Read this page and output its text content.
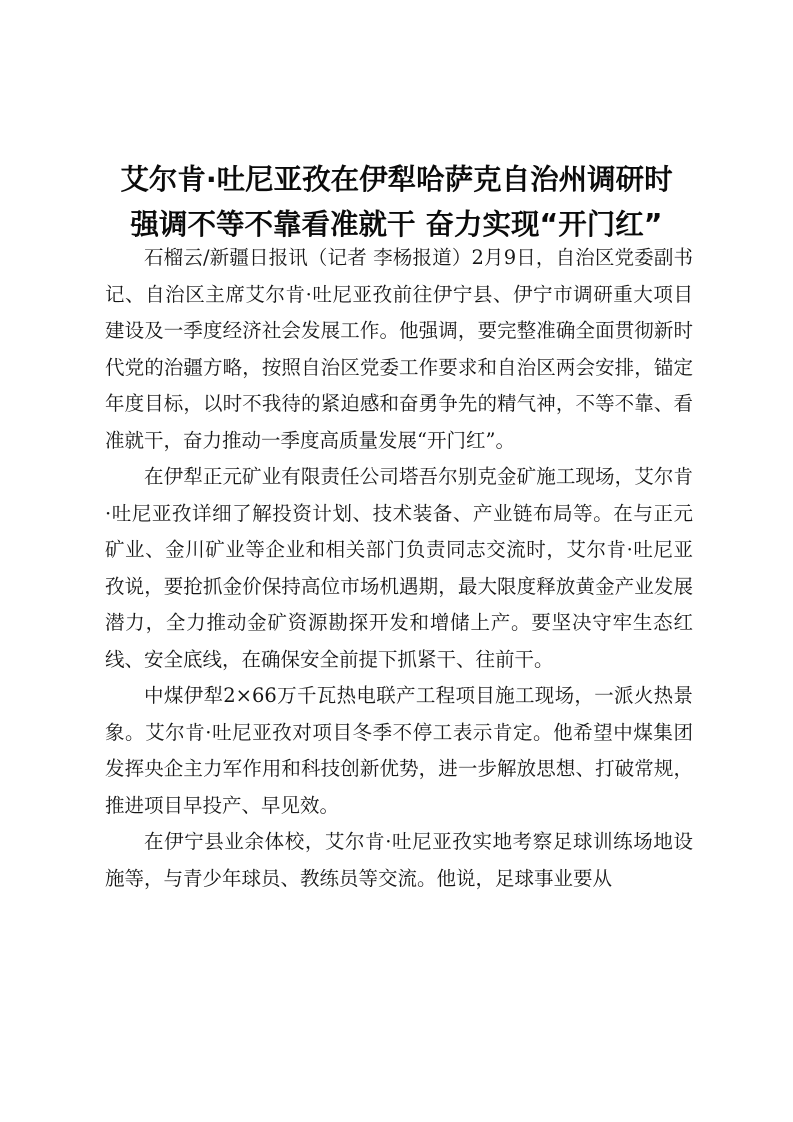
艾尔肯·吐尼亚孜在伊犁哈萨克自治州调研时
强调不等不靠看准就干 奋力实现“开门红”

石榴云/新疆日报讯（记者 李杨报道）2月9日，自治区党委副书记、自治区主席艾尔肯·吐尼亚孜前往伊宁县、伊宁市调研重大项目建设及一季度经济社会发展工作。他强调，要完整准确全面贯彻新时代党的治疆方略，按照自治区党委工作要求和自治区两会安排，锚定年度目标，以时不我待的紧迫感和奋勇争先的精气神，不等不靠、看准就干，奋力推动一季度高质量发展“开门红”。

在伊犁正元矿业有限责任公司塔吾尔别克金矿施工现场，艾尔肯·吐尼亚孜详细了解投资计划、技术装备、产业链布局等。在与正元矿业、金川矿业等企业和相关部门负责同志交流时，艾尔肯·吐尼亚孜说，要抢抓金价保持高位市场机遇期，最大限度释放黄金产业发展潜力，全力推动金矿资源勘探开发和增储上产。要坚决守牢生态红线、安全底线，在确保安全前提下抓紧干、往前干。

中煤伊犁2×66万千瓦热电联产工程项目施工现场，一派火热景象。艾尔肯·吐尼亚孜对项目冬季不停工表示肯定。他希望中煤集团发挥央企主力军作用和科技创新优势，进一步解放思想、打破常规，推进项目早投产、早见效。

在伊宁县业余体校，艾尔肯·吐尼亚孜实地考察足球训练场地设施等，与青少年球员、教练员等交流。他说，足球事业要从
